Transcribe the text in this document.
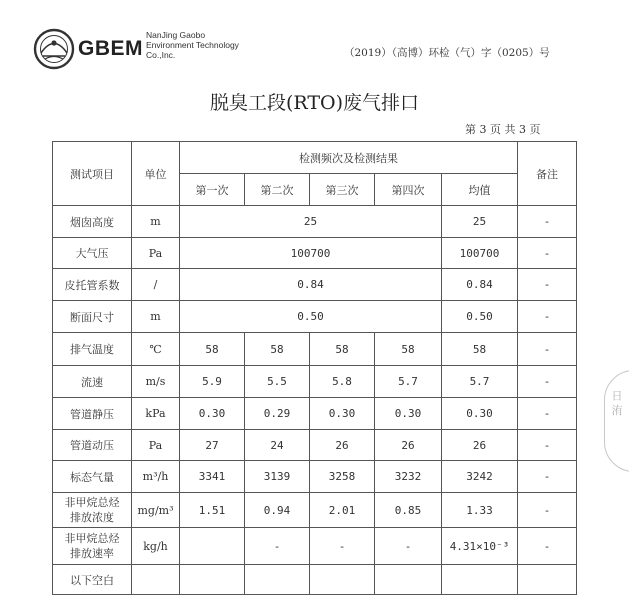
GBEM
NanJing Gaobo
Environment Technology
Co.,Inc.	（2019）（高博）环检（气）字（0205）号
脱臭工段(RTO)废气排口
第 3 页 共 3 页
测试项目	单位	检测频次及检测结果					备注
		第一次	第二次	第三次	第四次	均值	
烟囱高度	m	25				25	-
大气压	Pa	100700				100700	-
皮托管系数	/	0.84				0.84	-
断面尺寸	m	0.50				0.50	-
排气温度	℃	58	58	58	58	58	-
流速	m/s	5.9	5.5	5.8	5.7	5.7	-
管道静压	kPa	0.30	0.29	0.30	0.30	0.30	-
管道动压	Pa	27	24	26	26	26	-
标态气量	m³/h	3341	3139	3258	3232	3242	-

非甲烷总烃
排放浓度	mg/m³	1.51	0.94	2.01	0.85	1.33	-

非甲烷总烃
排放速率	kg/h		-	-	-	4.31×10⁻³	-
以下空白							
日 洧
